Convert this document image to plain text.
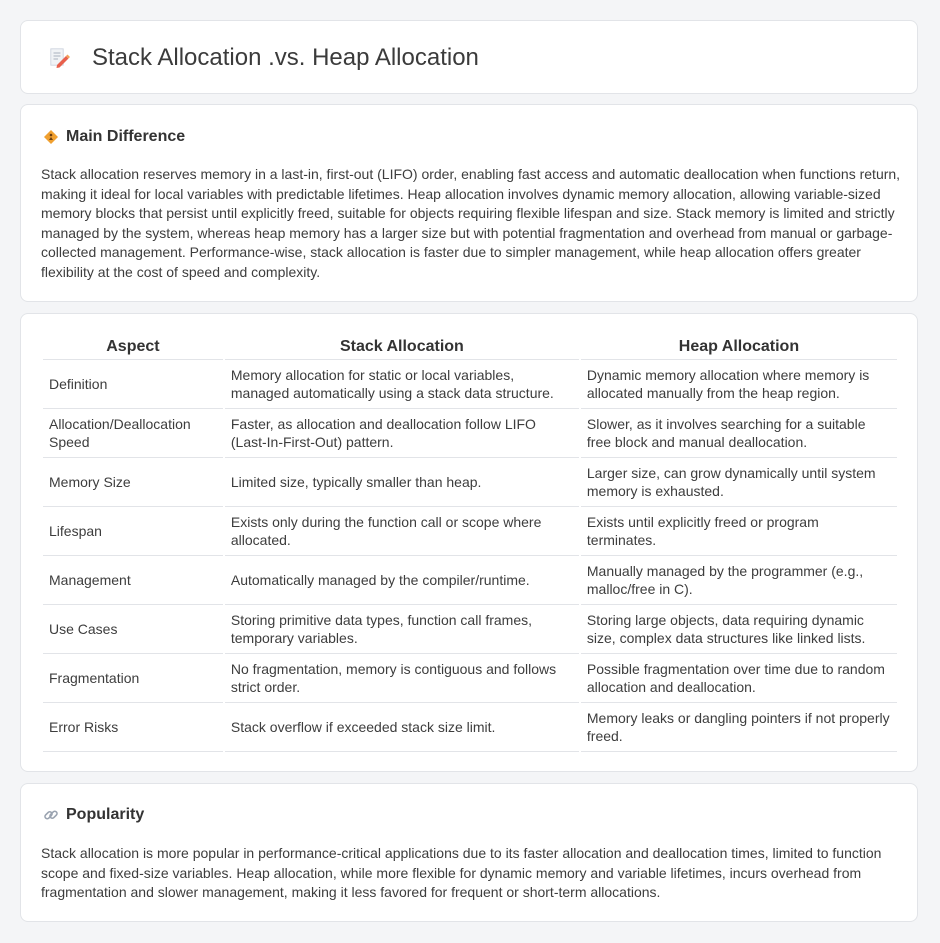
Stack Allocation .vs. Heap Allocation
Main Difference

Stack allocation reserves memory in a last-in, first-out (LIFO) order, enabling fast access and automatic deallocation when functions return, making it ideal for local variables with predictable lifetimes. Heap allocation involves dynamic memory allocation, allowing variable-sized memory blocks that persist until explicitly freed, suitable for objects requiring flexible lifespan and size. Stack memory is limited and strictly managed by the system, whereas heap memory has a larger size but with potential fragmentation and overhead from manual or garbage-collected management. Performance-wise, stack allocation is faster due to simpler management, while heap allocation offers greater flexibility at the cost of speed and complexity.

Aspect	Stack Allocation	Heap Allocation
Definition	Memory allocation for static or local variables, managed automatically using a stack data structure.	Dynamic memory allocation where memory is allocated manually from the heap region.
Allocation/Deallocation Speed	Faster, as allocation and deallocation follow LIFO (Last-In-First-Out) pattern.	Slower, as it involves searching for a suitable free block and manual deallocation.
Memory Size	Limited size, typically smaller than heap.	Larger size, can grow dynamically until system memory is exhausted.
Lifespan	Exists only during the function call or scope where allocated.	Exists until explicitly freed or program terminates.
Management	Automatically managed by the compiler/runtime.	Manually managed by the programmer (e.g., malloc/free in C).
Use Cases	Storing primitive data types, function call frames, temporary variables.	Storing large objects, data requiring dynamic size, complex data structures like linked lists.
Fragmentation	No fragmentation, memory is contiguous and follows strict order.	Possible fragmentation over time due to random allocation and deallocation.
Error Risks	Stack overflow if exceeded stack size limit.	Memory leaks or dangling pointers if not properly freed.
Popularity

Stack allocation is more popular in performance-critical applications due to its faster allocation and deallocation times, limited to function scope and fixed-size variables. Heap allocation, while more flexible for dynamic memory and variable lifetimes, incurs overhead from fragmentation and slower management, making it less favored for frequent or short-term allocations.
